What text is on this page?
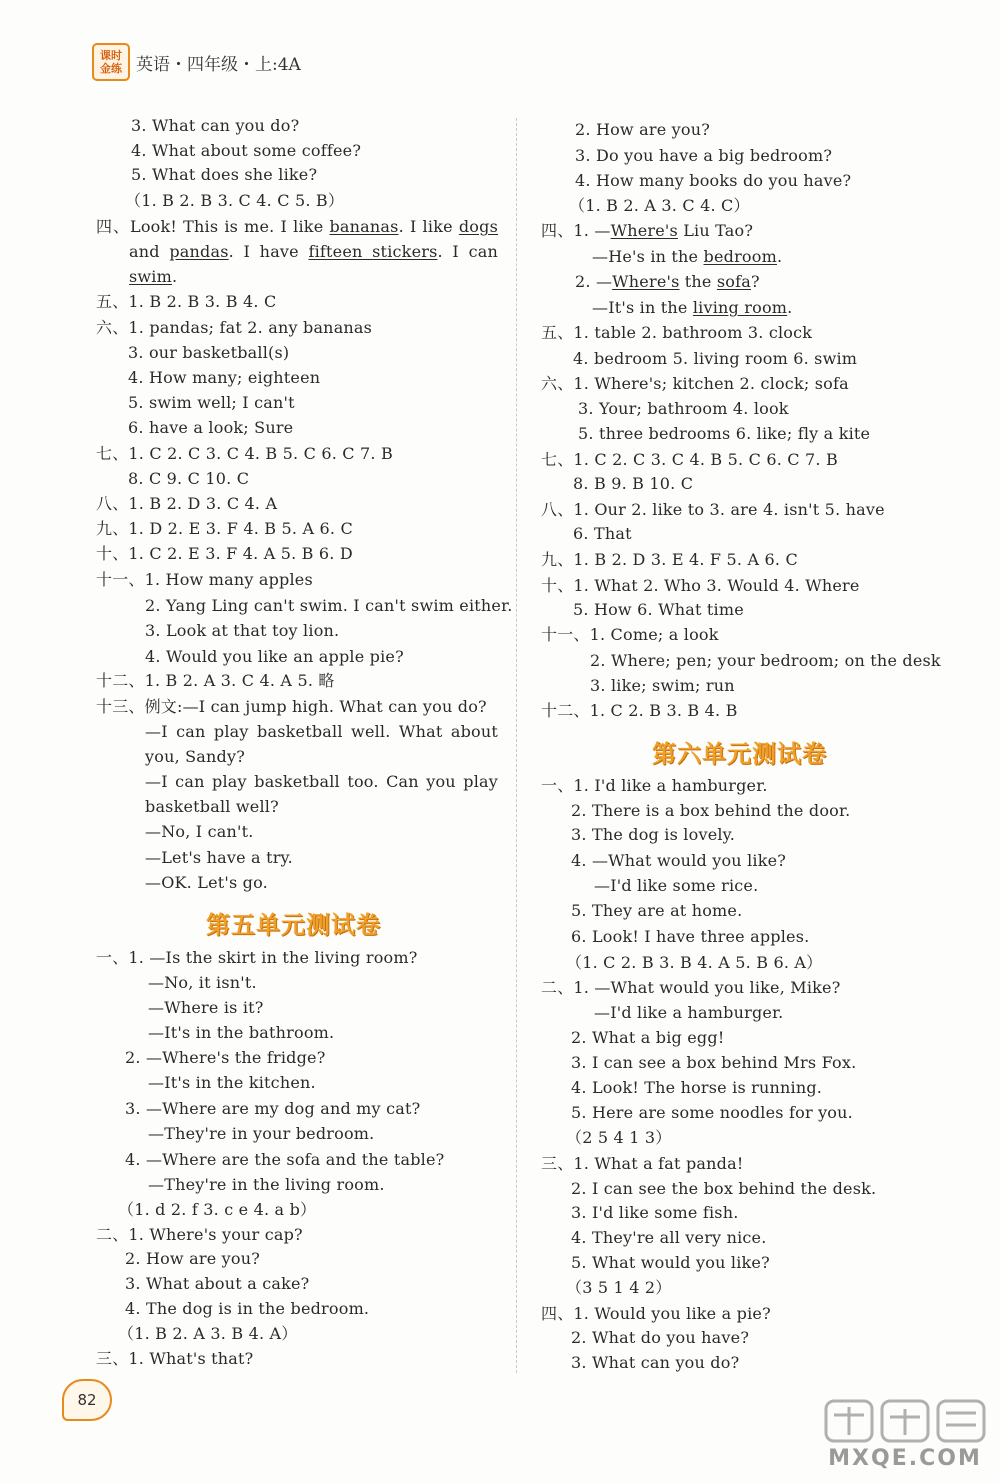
课时
金练 英语・四年级・上:4A
3. What can you do?
4. What about some coffee?
5. What does she like?
（1. B 2. B 3. C 4. C 5. B）
四、Look! This is me. I like bananas. I like dogs
and pandas. I have fifteen stickers. I can
swim.
五、1. B 2. B 3. B 4. C
六、1. pandas; fat 2. any bananas
3. our basketball(s)
4. How many; eighteen
5. swim well; I can't
6. have a look; Sure
七、1. C 2. C 3. C 4. B 5. C 6. C 7. B
8. C 9. C 10. C
八、1. B 2. D 3. C 4. A
九、1. D 2. E 3. F 4. B 5. A 6. C
十、1. C 2. E 3. F 4. A 5. B 6. D
十一、1. How many apples
2. Yang Ling can't swim. I can't swim either.
3. Look at that toy lion.
4. Would you like an apple pie?
十二、1. B 2. A 3. C 4. A 5. 略
十三、例文:—I can jump high. What can you do?
—I can play basketball well. What about
you, Sandy?
—I can play basketball too. Can you play
basketball well?
—No, I can't.
—Let's have a try.
—OK. Let's go.
第五单元测试卷
一、1. —Is the skirt in the living room?
—No, it isn't.
—Where is it?
—It's in the bathroom.
2. —Where's the fridge?
—It's in the kitchen.
3. —Where are my dog and my cat?
—They're in your bedroom.
4. —Where are the sofa and the table?
—They're in the living room.
（1. d 2. f 3. c e 4. a b）
二、1. Where's your cap?
2. How are you?
3. What about a cake?
4. The dog is in the bedroom.
（1. B 2. A 3. B 4. A）
三、1. What's that?
2. How are you?
3. Do you have a big bedroom?
4. How many books do you have?
（1. B 2. A 3. C 4. C）
四、1. —Where's Liu Tao?
—He's in the bedroom.
2. —Where's the sofa?
—It's in the living room.
五、1. table 2. bathroom 3. clock
4. bedroom 5. living room 6. swim
六、1. Where's; kitchen 2. clock; sofa
3. Your; bathroom 4. look
5. three bedrooms 6. like; fly a kite
七、1. C 2. C 3. C 4. B 5. C 6. C 7. B
8. B 9. B 10. C
八、1. Our 2. like to 3. are 4. isn't 5. have
6. That
九、1. B 2. D 3. E 4. F 5. A 6. C
十、1. What 2. Who 3. Would 4. Where
5. How 6. What time
十一、1. Come; a look
2. Where; pen; your bedroom; on the desk
3. like; swim; run
十二、1. C 2. B 3. B 4. B
第六单元测试卷
一、1. I'd like a hamburger.
2. There is a box behind the door.
3. The dog is lovely.
4. —What would you like?
—I'd like some rice.
5. They are at home.
6. Look! I have three apples.
（1. C 2. B 3. B 4. A 5. B 6. A）
二、1. —What would you like, Mike?
—I'd like a hamburger.
2. What a big egg!
3. I can see a box behind Mrs Fox.
4. Look! The horse is running.
5. Here are some noodles for you.
（2 5 4 1 3）
三、1. What a fat panda!
2. I can see the box behind the desk.
3. I'd like some fish.
4. They're all very nice.
5. What would you like?
（3 5 1 4 2）
四、1. Would you like a pie?
2. What do you have?
3. What can you do?
82
MXQE.COM
